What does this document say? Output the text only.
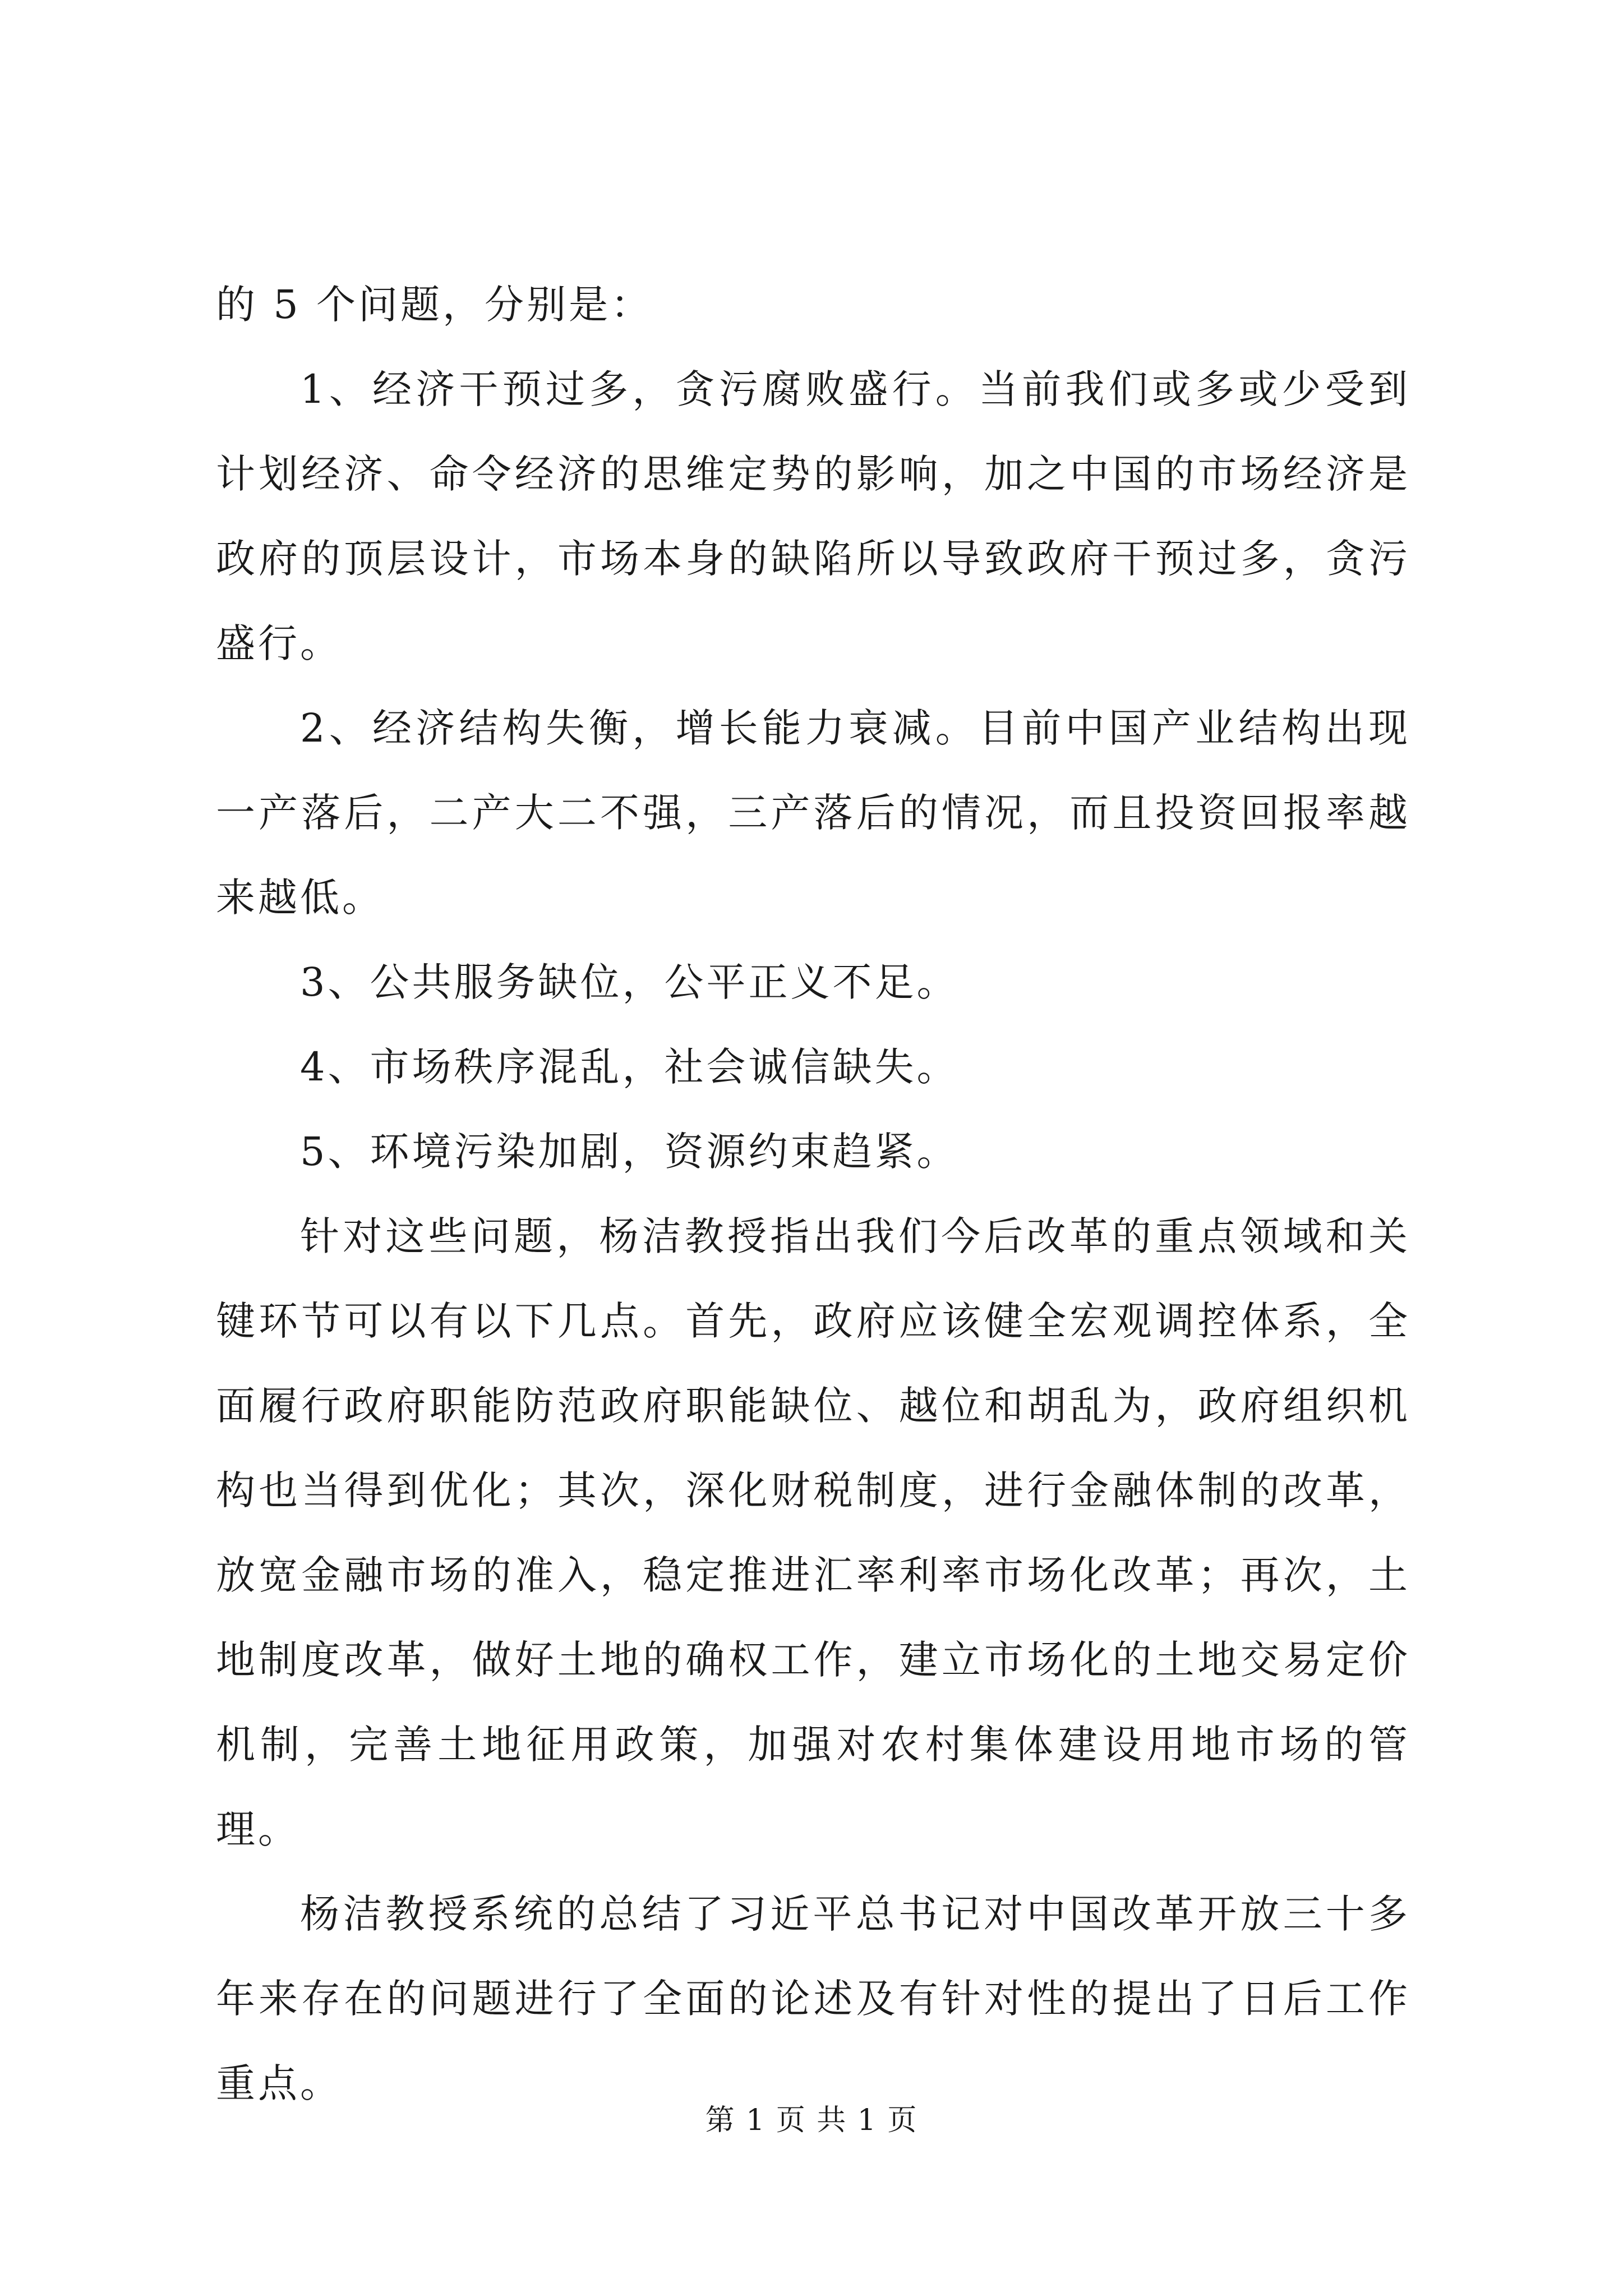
的 5 个问题，分别是：

1、经济干预过多，贪污腐败盛行。当前我们或多或少受到计划经济、命令经济的思维定势的影响，加之中国的市场经济是政府的顶层设计，市场本身的缺陷所以导致政府干预过多，贪污盛行。

2、经济结构失衡，增长能力衰减。目前中国产业结构出现一产落后，二产大二不强，三产落后的情况，而且投资回报率越来越低。

3、公共服务缺位，公平正义不足。

4、市场秩序混乱，社会诚信缺失。

5、环境污染加剧，资源约束趋紧。

针对这些问题，杨洁教授指出我们今后改革的重点领域和关键环节可以有以下几点。首先，政府应该健全宏观调控体系，全面履行政府职能防范政府职能缺位、越位和胡乱为，政府组织机构也当得到优化；其次，深化财税制度，进行金融体制的改革，放宽金融市场的准入，稳定推进汇率利率市场化改革；再次，土地制度改革，做好土地的确权工作，建立市场化的土地交易定价机制，完善土地征用政策，加强对农村集体建设用地市场的管理。

杨洁教授系统的总结了习近平总书记对中国改革开放三十多年来存在的问题进行了全面的论述及有针对性的提出了日后工作重点。

第 1 页 共 1 页
